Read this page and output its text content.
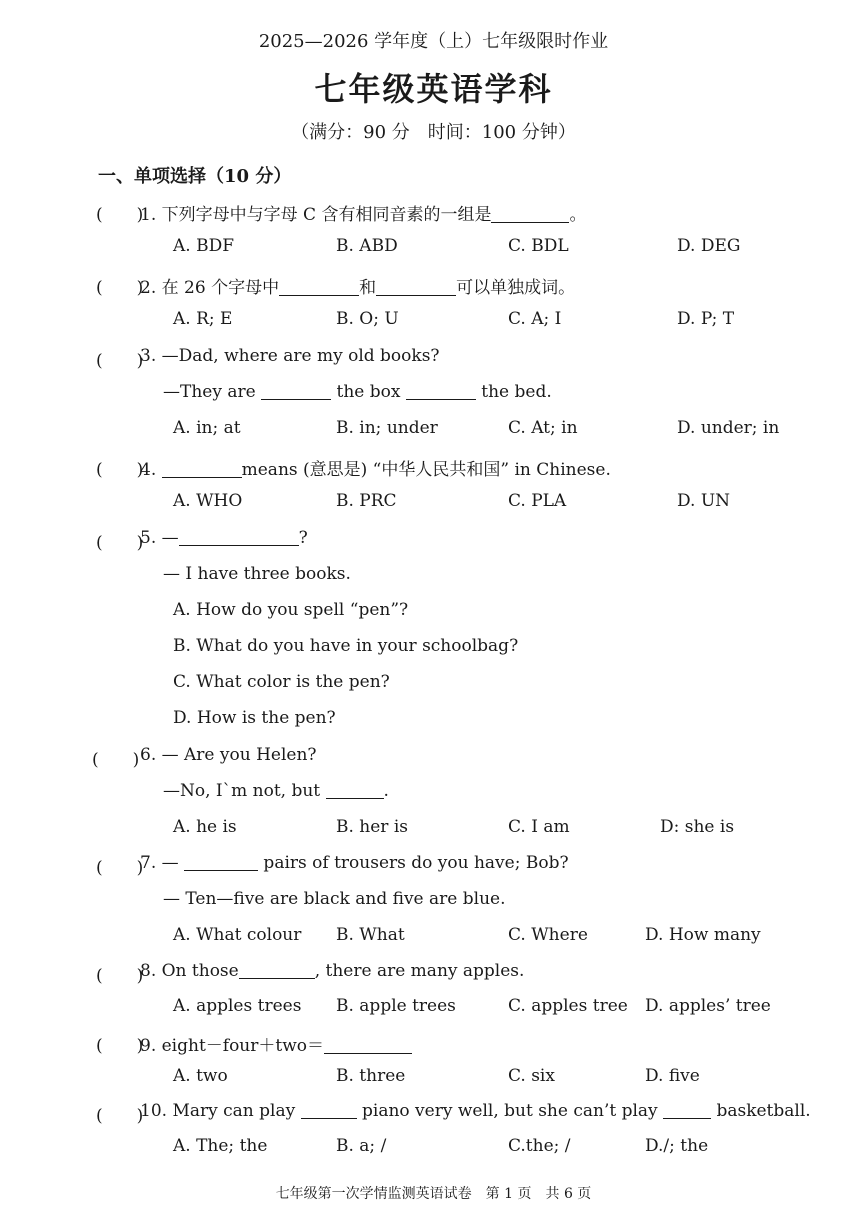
2025—2026 学年度（上）七年级限时作业
七年级英语学科
（满分：90 分　时间：100 分钟）
一、单项选择（10 分）
(　　)
1. 下列字母中与字母 C 含有相同音素的一组是	。
A. BDF	B. ABD	C. BDL	D. DEG
(　　)
2. 在 26 个字母中	和	可以单独成词。
A. R; E	B. O; U	C. A; I	D. P; T
(　　)
3. —Dad, where are my old books?
—They are	the box	the bed.
A. in; at	B. in; under	C. At; in	D. under; in
(　　)
4.	means (意思是) “中华人民共和国” in Chinese.
A. WHO	B. PRC	C. PLA	D. UN
(　　)
5. —	?
— I have three books.
A. How do you spell “pen”?
B. What do you have in your schoolbag?
C. What color is the pen?
D. How is the pen?
(　　) 6. — Are you Helen?
—No, I`m not, but	.
A. he is	B. her is	C. I am	D: she is
(　　)
7. —	pairs of trousers do you have; Bob?
— Ten—five are black and five are blue.
A. What colour B. What	C. Where	D. How many
(　　)
8. On those	, there are many apples.
A. apples trees B. apple trees	C. apples tree D. apples’ tree
(　　)
9. eight－four＋two＝
A. two	B. three	C. six	D. five
(　　)
10. Mary can play	piano very well, but she can’t play	basketball.
A. The; the	B. a; /	C.the; /	D./; the
七年级第一次学情监测英语试卷　第 1 页　共 6 页
